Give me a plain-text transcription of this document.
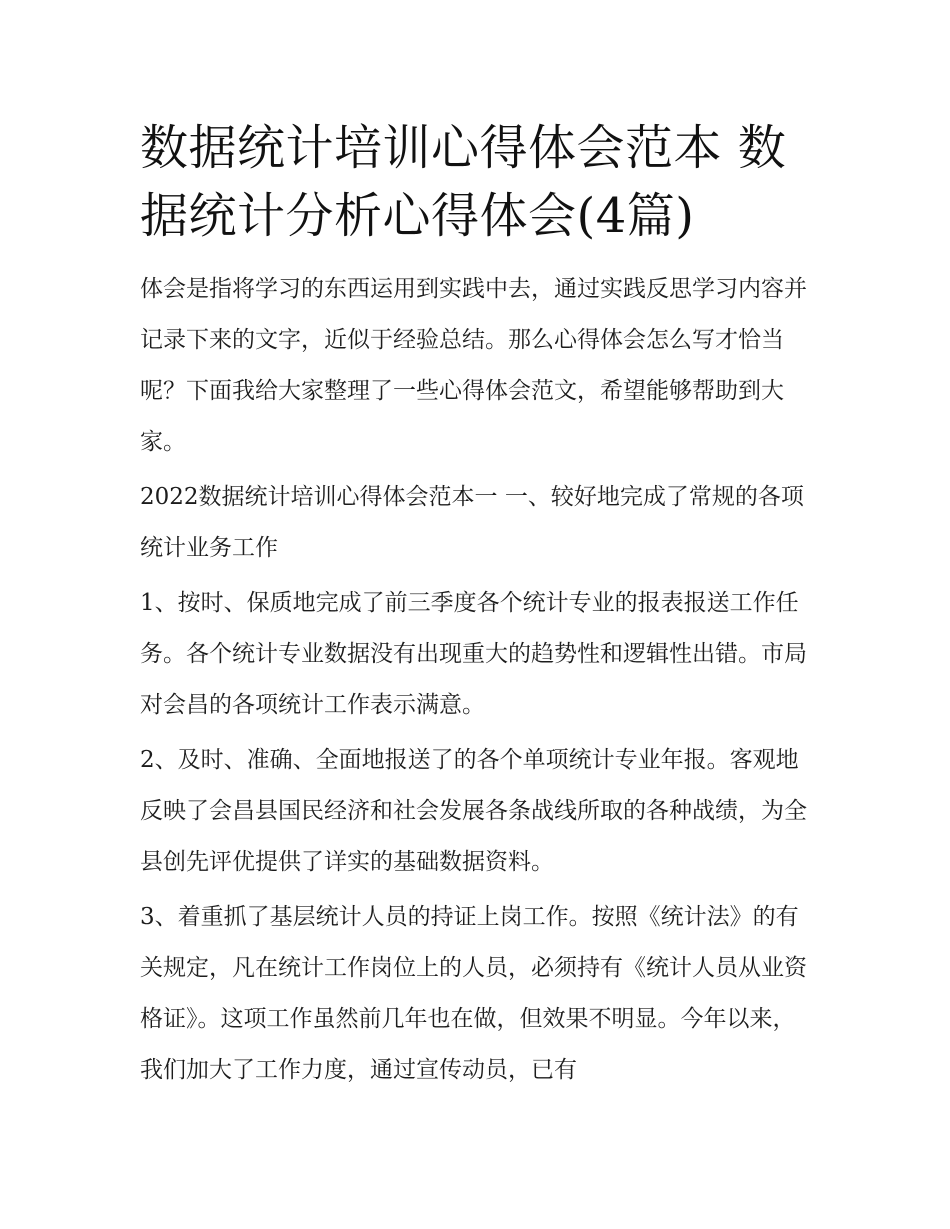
数据统计培训心得体会范本 数据统计分析心得体会(4篇)

体会是指将学习的东西运用到实践中去，通过实践反思学习内容并记录下来的文字，近似于经验总结。那么心得体会怎么写才恰当呢？下面我给大家整理了一些心得体会范文，希望能够帮助到大家。

2022数据统计培训心得体会范本一 一、较好地完成了常规的各项统计业务工作

1、按时、保质地完成了前三季度各个统计专业的报表报送工作任务。各个统计专业数据没有出现重大的趋势性和逻辑性出错。市局对会昌的各项统计工作表示满意。

2、及时、准确、全面地报送了的各个单项统计专业年报。客观地反映了会昌县国民经济和社会发展各条战线所取的各种战绩，为全县创先评优提供了详实的基础数据资料。

3、着重抓了基层统计人员的持证上岗工作。按照《统计法》的有关规定，凡在统计工作岗位上的人员，必须持有《统计人员从业资格证》。这项工作虽然前几年也在做，但效果不明显。今年以来，我们加大了工作力度，通过宣传动员，已有
